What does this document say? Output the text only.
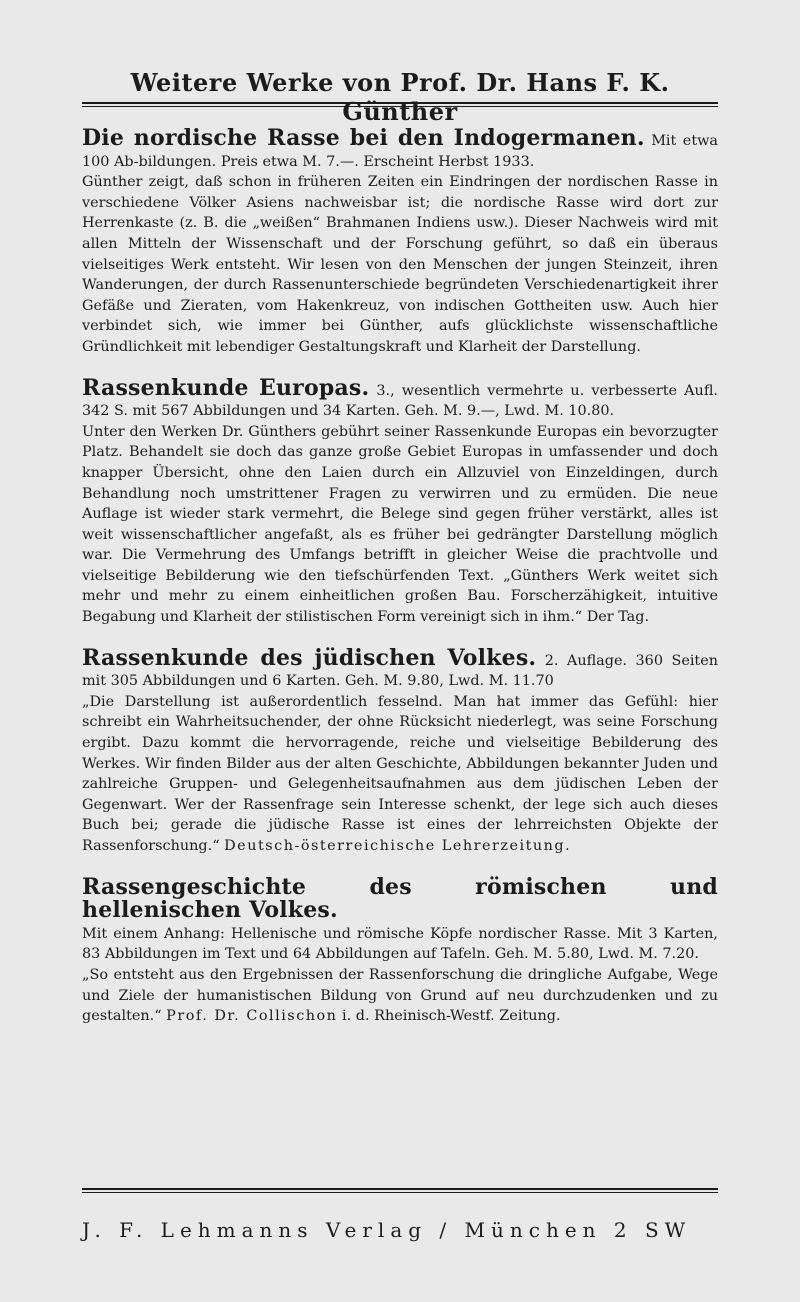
Weitere Werke von Prof. Dr. Hans F. K. Günther

Die nordische Rasse bei den Indogermanen. Mit etwa 100 Ab-bildungen. Preis etwa M. 7.—. Erscheint Herbst 1933.

Günther zeigt, daß schon in früheren Zeiten ein Eindringen der nordischen Rasse in verschiedene Völker Asiens nachweisbar ist; die nordische Rasse wird dort zur Herrenkaste (z. B. die „weißen“ Brahmanen Indiens usw.). Dieser Nachweis wird mit allen Mitteln der Wissenschaft und der Forschung geführt, so daß ein überaus vielseitiges Werk entsteht. Wir lesen von den Menschen der jungen Steinzeit, ihren Wanderungen, der durch Rassenunterschiede begründeten Verschiedenartigkeit ihrer Gefäße und Zieraten, vom Hakenkreuz, von indischen Gottheiten usw. Auch hier verbindet sich, wie immer bei Günther, aufs glücklichste wissenschaftliche Gründlichkeit mit lebendiger Gestaltungskraft und Klarheit der Darstellung.

Rassenkunde Europas. 3., wesentlich vermehrte u. verbesserte Aufl. 342 S. mit 567 Abbildungen und 34 Karten. Geh. M. 9.—, Lwd. M. 10.80.

Unter den Werken Dr. Günthers gebührt seiner Rassenkunde Europas ein bevorzugter Platz. Behandelt sie doch das ganze große Gebiet Europas in umfassender und doch knapper Übersicht, ohne den Laien durch ein Allzuviel von Einzeldingen, durch Behandlung noch umstrittener Fragen zu verwirren und zu ermüden. Die neue Auflage ist wieder stark vermehrt, die Belege sind gegen früher verstärkt, alles ist weit wissenschaftlicher angefaßt, als es früher bei gedrängter Darstellung möglich war. Die Vermehrung des Umfangs betrifft in gleicher Weise die prachtvolle und vielseitige Bebilderung wie den tiefschürfenden Text. „Günthers Werk weitet sich mehr und mehr zu einem einheitlichen großen Bau. Forscherzähigkeit, intuitive Begabung und Klarheit der stilistischen Form vereinigt sich in ihm.“ Der Tag.

Rassenkunde des jüdischen Volkes. 2. Auflage. 360 Seiten mit 305 Abbildungen und 6 Karten. Geh. M. 9.80, Lwd. M. 11.70

„Die Darstellung ist außerordentlich fesselnd. Man hat immer das Gefühl: hier schreibt ein Wahrheitsuchender, der ohne Rücksicht niederlegt, was seine Forschung ergibt. Dazu kommt die hervorragende, reiche und vielseitige Bebilderung des Werkes. Wir finden Bilder aus der alten Geschichte, Abbildungen bekannter Juden und zahlreiche Gruppen- und Gelegenheitsaufnahmen aus dem jüdischen Leben der Gegenwart. Wer der Rassenfrage sein Interesse schenkt, der lege sich auch dieses Buch bei; gerade die jüdische Rasse ist eines der lehrreichsten Objekte der Rassenforschung.“ Deutsch-österreichische Lehrerzeitung.

Rassengeschichte des römischen und hellenischen Volkes.

Mit einem Anhang: Hellenische und römische Köpfe nordischer Rasse. Mit 3 Karten, 83 Abbildungen im Text und 64 Abbildungen auf Tafeln. Geh. M. 5.80, Lwd. M. 7.20.

„So entsteht aus den Ergebnissen der Rassenforschung die dringliche Aufgabe, Wege und Ziele der humanistischen Bildung von Grund auf neu durchzudenken und zu gestalten.“ Prof. Dr. Collischon i. d. Rheinisch-Westf. Zeitung.

J. F. Lehmanns Verlag / München 2 SW
